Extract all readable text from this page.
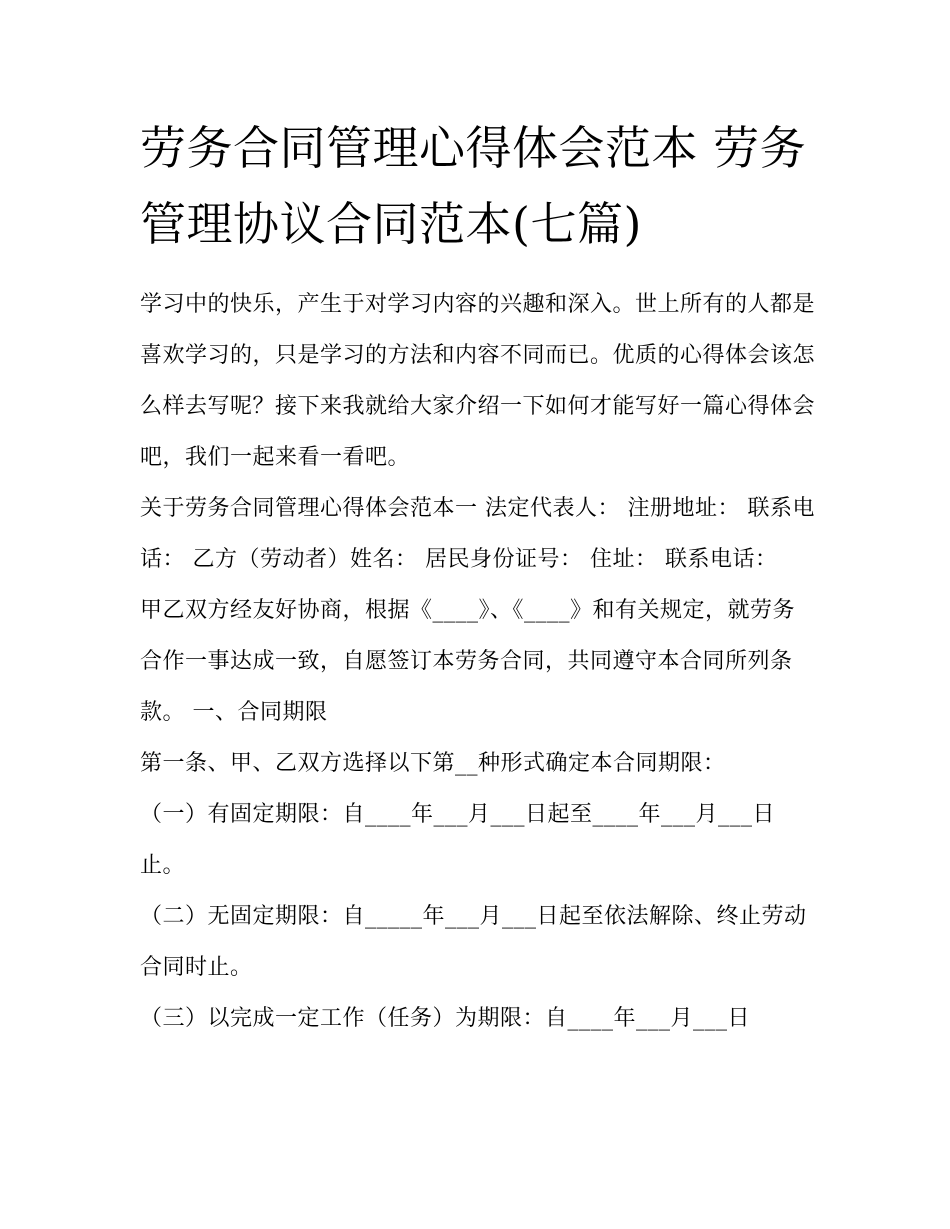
劳务合同管理心得体会范本 劳务管理协议合同范本(七篇)

学习中的快乐，产生于对学习内容的兴趣和深入。世上所有的人都是喜欢学习的，只是学习的方法和内容不同而已。优质的心得体会该怎么样去写呢？接下来我就给大家介绍一下如何才能写好一篇心得体会吧，我们一起来看一看吧。

关于劳务合同管理心得体会范本一 法定代表人： 注册地址： 联系电话： 乙方（劳动者）姓名： 居民身份证号： 住址： 联系电话：

甲乙双方经友好协商，根据《____》、《____》和有关规定，就劳务合作一事达成一致，自愿签订本劳务合同，共同遵守本合同所列条款。 一、合同期限

第一条、甲、乙双方选择以下第__种形式确定本合同期限：

（一）有固定期限：自____年___月___日起至____年___月___日止。

（二）无固定期限：自_____年___月___日起至依法解除、终止劳动合同时止。

（三）以完成一定工作（任务）为期限：自____年___月___日
